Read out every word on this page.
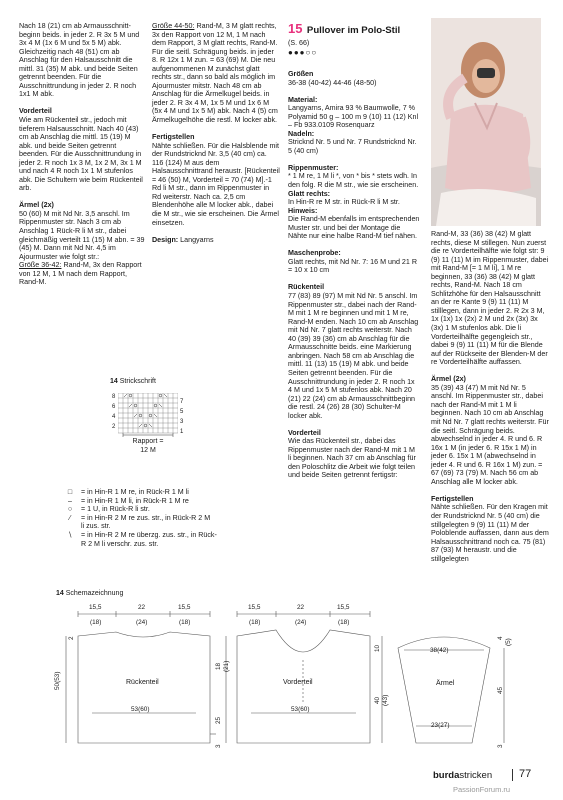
Nach 18 (21) cm ab Armausschnitt-beginn beids. in jeder 2. R 3x 5 M und 3x 4 M (1x 6 M und 5x 5 M) abk. Gleichzeitig nach 48 (51) cm ab Anschlag für den Halsausschnitt die mittl. 31 (35) M abk. und beide Seiten getrennt beenden. Für die Ausschnittrundung in jeder 2. R noch 1x1 M abk.

Vorderteil

Wie am Rückenteil str., jedoch mit tieferem Halsausschnitt. Nach 40 (43) cm ab Anschlag die mittl. 15 (19) M abk. und beide Seiten getrennt beenden. Für die Ausschnittrundung in jeder 2. R noch 1x 3 M, 1x 2 M, 3x 1 M und nach 4 R noch 1x 1 M stufenlos abk. Die Schultern wie beim Rückenteil arb.

Ärmel (2x)

50 (60) M mit Nd Nr. 3,5 anschl. Im Rippenmuster str. Nach 3 cm ab Anschlag 1 Rück-R li M str., dabei gleichmäßig verteilt 11 (15) M abn. = 39 (45) M. Dann mit Nd Nr. 4,5 im Ajourmuster wie folgt str.:

Größe 36-42: Rand-M, 3x den Rapport von 12 M, 1 M nach dem Rapport, Rand-M.

Größe 44-50: Rand-M, 3 M glatt rechts, 3x den Rapport von 12 M, 1 M nach dem Rapport, 3 M glatt rechts, Rand-M. Für die seitl. Schrägung beids. in jeder 8. R 12x 1 M zun. = 63 (69) M. Die neu aufgenommenen M zunächst glatt rechts str., dann so bald als möglich im Ajourmuster mitstr. Nach 48 cm ab Anschlag für die Ärmelkugel beids. in jeder 2. R 3x 4 M, 1x 5 M und 1x 6 M (5x 4 M und 1x 5 M) abk. Nach 4 (5) cm Ärmelkugelhöhe die restl. M locker abk.

Fertigstellen

Nähte schließen. Für die Halsblende mit der Rundstricknd Nr. 3,5 (40 cm) ca. 116 (124) M aus dem Halsausschnittrand heraustr. [Rückenteil = 46 (50) M, Vorderteil = 70 (74) M].-1 Rd li M str., dann im Rippenmuster in Rd weiterstr. Nach ca. 2,5 cm Blendenhöhe alle M locker abk., dabei die M str., wie sie erscheinen. Die Ärmel einsetzen.

Design: Langyarns

15 Pullover im Polo-Stil
(S. 66)
●●●○○

Größen

36-38 (40-42) 44-46 (48-50)

Material:

Langyarns, Amira 93 % Baumwolle, 7 % Polyamid 50 g – 100 m 9 (10) 11 (12) Knl – Fb 933.0109 Rosenquarz

Nadeln:

Stricknd Nr. 5 und Nr. 7 Rundstricknd Nr. 5 (40 cm)

Rippenmuster:

* 1 M re, 1 M li *, von * bis * stets wdh. In den folg. R die M str., wie sie erscheinen.

Glatt rechts:

In Hin-R re M str. in Rück-R li M str.

Hinweis:

Die Rand-M ebenfalls im entsprechenden Muster str. und bei der Montage die Nähte nur eine halbe Rand-M tief nähen.

Maschenprobe:

Glatt rechts, mit Nd Nr. 7: 16 M und 21 R = 10 x 10 cm

Rückenteil

77 (83) 89 (97) M mit Nd Nr. 5 anschl. Im Rippenmuster str., dabei nach der Rand-M mit 1 M re beginnen und mit 1 M re, Rand-M enden. Nach 10 cm ab Anschlag mit Nd Nr. 7 glatt rechts weiterstr. Nach 40 (39) 39 (36) cm ab Anschlag für die Armausschnitte beids. eine Markierung anbringen. Nach 58 cm ab Anschlag die mittl. 11 (13) 15 (19) M abk. und beide Seiten getrennt beenden. Für die Ausschnittrundung in jeder 2. R noch 1x 4 M und 1x 5 M stufenlos abk. Nach 20 (21) 22 (24) cm ab Armausschnittbeginn die restl. 24 (26) 28 (30) Schulter-M locker abk.

Vorderteil

Wie das Rückenteil str., dabei das Rippenmuster nach der Rand-M mit 1 M li beginnen. Nach 37 cm ab Anschlag für den Poloschlitz die Arbeit wie folgt teilen und beide Seiten getrennt fertigstr:

Rand-M, 33 (36) 38 (42) M glatt rechts, diese M stillegen. Nun zuerst die re Vorderteilhälfte wie folgt str: 9 (9) 11 (11) M im Rippenmuster, dabei mit Rand-M [= 1 M li], 1 M re beginnen, 33 (36) 38 (42) M glatt rechts, Rand-M. Nach 18 cm Schlitzhöhe für den Halsausschnitt an der re Kante 9 (9) 11 (11) M stilllegen, dann in jeder 2. R 2x 3 M, 1x (1x) 1x (2x) 2 M und 2x (3x) 3x (3x) 1 M stufenlos abk. Die li Vorderteilhälfte gegengleich str., dabei 9 (9) 11 (11) M für die Blende auf der Rückseite der Blenden-M der re Vorderteilhälfte auffassen.

Ärmel (2x)

35 (39) 43 (47) M mit Nd Nr. 5 anschl. Im Rippenmuster str., dabei nach der Rand-M mit 1 M li beginnen. Nach 10 cm ab Anschlag mit Nd Nr. 7 glatt rechts weiterstr. Für die seitl. Schrägung beids. abwechselnd in jeder 4. R und 6. R 16x 1 M (in jeder 6. R 15x 1 M) in jeder 6. 15x 1 M (abwechselnd in jeder 4. R und 6. R 16x 1 M) zun. = 67 (69) 73 (79) M. Nach 56 cm ab Anschlag alle M locker abk.

Fertigstellen

Nähte schließen. Für den Kragen mit der Rundstricknd Nr. 5 (40 cm) die stillgelegten 9 (9) 11 (11) M der Poloblende auffassen, dann aus dem Halsausschnittrand noch ca. 75 (81) 87 (93) M heraustr. und die stillgelegten

14 Strickschrift
8
6
4
2
7
5
3
1
Rapport =
12 M
□	= in Hin-R 1 M re, in Rück-R 1 M li
–	= in Hin-R 1 M li, in Rück-R 1 M re
○	= 1 U, in Rück-R li str.
⁄	= in Hin-R 2 M re zus. str., in Rück-R 2 M li zus. str.
∖	= in Hin-R 2 M re überzg. zus. str., in Rück-R 2 M li verschr. zus. str.
14 Schemazeichnung
15,5
(18)
22
(24)
15,5
(18)
Rückenteil
53(60)
50(53)
2
15,5
(18)
22
(24)
15,5
(18)
Vorderteil
53(60)
18 (21)
25
3
10
40 (43)
38(42)
Ärmel
23(27)
4 (5)
45
3
burdastricken 77
PassionForum.ru
